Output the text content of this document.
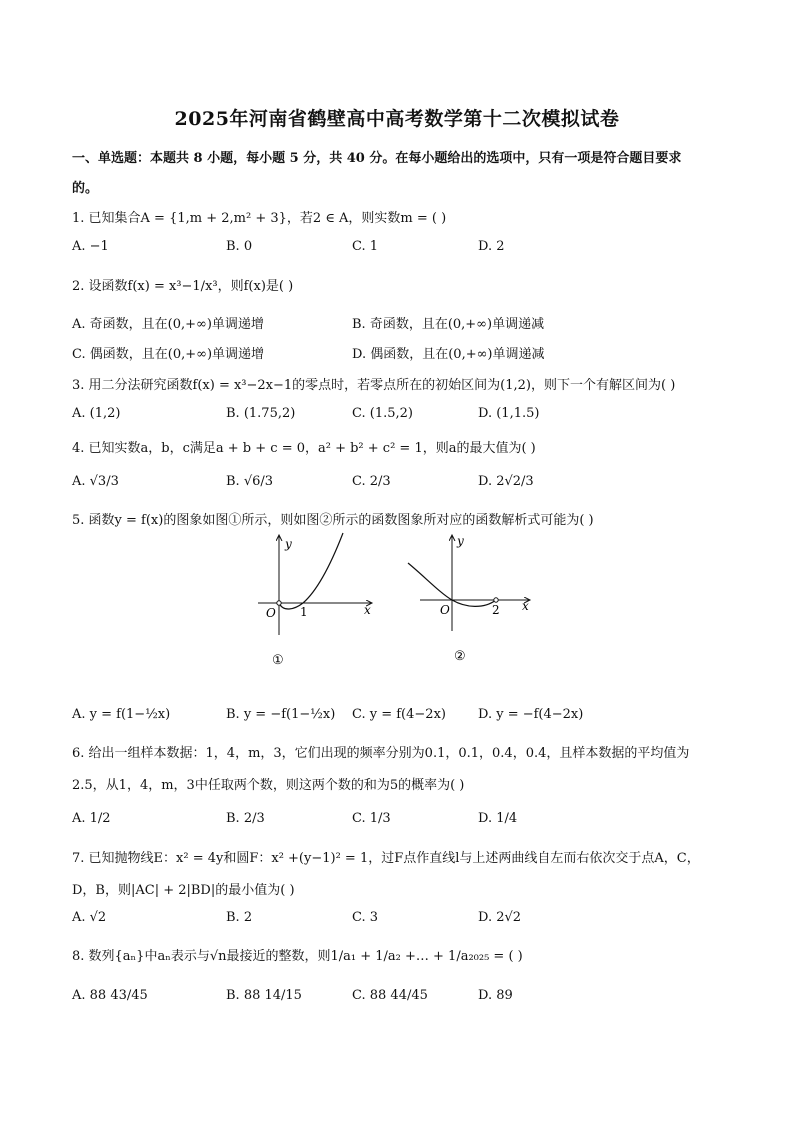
2025年河南省鹤壁高中高考数学第十二次模拟试卷
一、单选题：本题共 8 小题，每小题 5 分，共 40 分。在每小题给出的选项中，只有一项是符合题目要求
的。
1. 已知集合A = {1,m + 2,m² + 3}，若2 ∈ A，则实数m = ( )
A. −1	B. 0	C. 1	D. 2
2. 设函数f(x) = x³−1/x³，则f(x)是( )
A. 奇函数，且在(0,+∞)单调递增	B. 奇函数，且在(0,+∞)单调递减
C. 偶函数，且在(0,+∞)单调递增	D. 偶函数，且在(0,+∞)单调递减
3. 用二分法研究函数f(x) = x³−2x−1的零点时，若零点所在的初始区间为(1,2)，则下一个有解区间为( )
A. (1,2)	B. (1.75,2)	C. (1.5,2)	D. (1,1.5)
4. 已知实数a，b，c满足a + b + c = 0，a² + b² + c² = 1，则a的最大值为( )
A. √3/3	B. √6/3	C. 2/3	D. 2√2/3
5. 函数y = f(x)的图象如图①所示，则如图②所示的函数图象所对应的函数解析式可能为( )
y
x
O 1
①
y
x
O	2
②
A. y = f(1−½x)	B. y = −f(1−½x) C. y = f(4−2x) D. y = −f(4−2x)
6. 给出一组样本数据：1，4，m，3，它们出现的频率分别为0.1，0.1，0.4，0.4，且样本数据的平均值为
2.5，从1，4，m，3中任取两个数，则这两个数的和为5的概率为( )
A. 1/2	B. 2/3	C. 1/3	D. 1/4
7. 已知抛物线E：x² = 4y和圆F：x² +(y−1)² = 1，过F点作直线l与上述两曲线自左而右依次交于点A，C，
D，B，则|AC| + 2|BD|的最小值为( )
A. √2	B. 2	C. 3	D. 2√2
8. 数列{aₙ}中aₙ表示与√n最接近的整数，则1/a₁ + 1/a₂ +… + 1/a₂₀₂₅ = ( )
A. 88 43/45	B. 88 14/15	C. 88 44/45	D. 89
